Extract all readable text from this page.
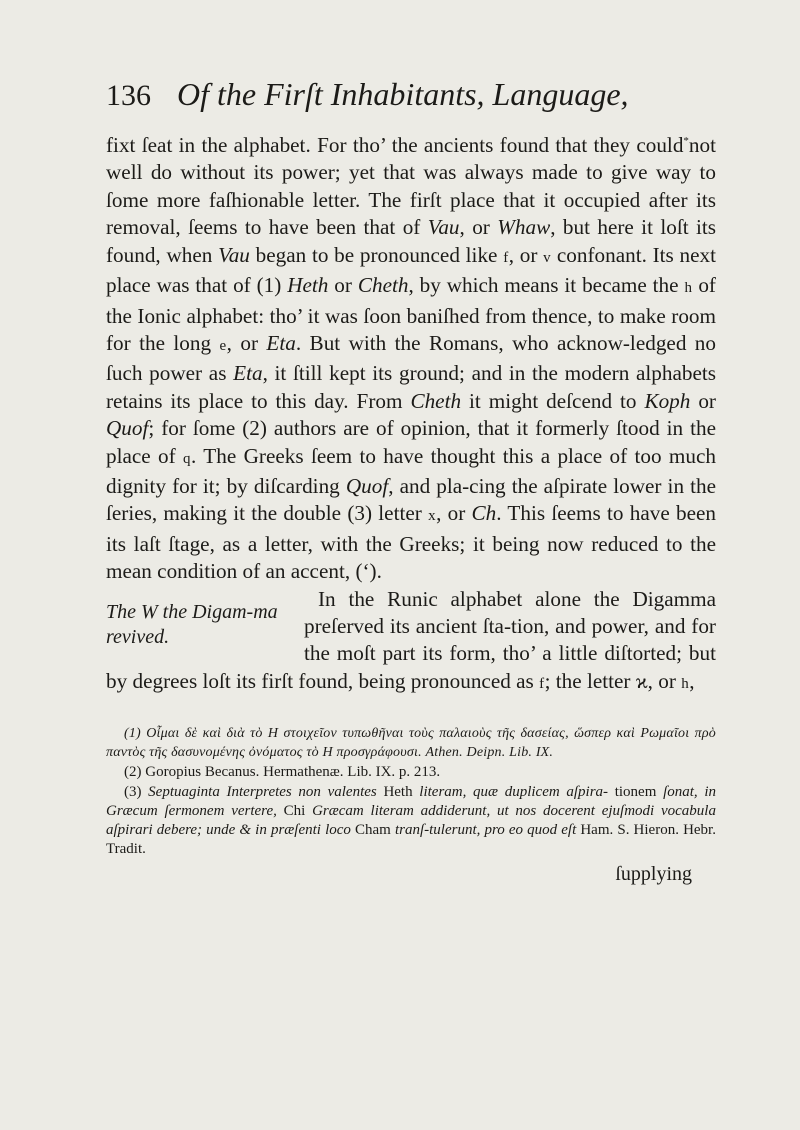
136 Of the Firſt Inhabitants, Language,

fixt ſeat in the alphabet. For tho’ the ancients found that they could*not well do without its power; yet that was always made to give way to ſome more faſhionable letter. The firſt place that it occupied after its removal, ſeems to have been that of Vau, or Whaw, but here it loſt its found, when Vau began to be pronounced like f, or v confonant. Its next place was that of (1) Heth or Cheth, by which means it became the h of the Ionic alphabet: tho’ it was ſoon baniſhed from thence, to make room for the long e, or Eta. But with the Romans, who acknow-ledged no ſuch power as Eta, it ſtill kept its ground; and in the modern alphabets retains its place to this day. From Cheth it might deſcend to Koph or Quof; for ſome (2) authors are of opinion, that it formerly ſtood in the place of q. The Greeks ſeem to have thought this a place of too much dignity for it; by diſcarding Quof, and pla-cing the aſpirate lower in the ſeries, making it the double (3) letter x, or Ch. This ſeems to have been its laſt ſtage, as a letter, with the Greeks; it being now reduced to the mean condition of an accent, (‘).

The W the Digam-ma revived.
In the Runic alphabet alone the Digamma preſerved its ancient ſta-tion, and power, and for the moſt part its form, tho’ a little diſtorted; but by degrees loſt its firſt found, being pronounced as f; the letter ϰ, or h,

(1) Οἶμαι δὲ καὶ διὰ τὸ Η στοιχεῖον τυπωθῆναι τοὺς παλαιοὺς τῆς δασείας, ὥσπερ καὶ Ρωμαῖοι πρὸ παντὸς τῆς δασυνομένης ὀνόματος τὸ Η προσγράφουσι. Athen. Deipn. Lib. IX.

(2) Goropius Becanus. Hermathenæ. Lib. IX. p. 213.

(3) Septuaginta Interpretes non valentes Heth literam, quæ duplicem aſpira- tionem ſonat, in Græcum ſermonem vertere, Chi Græcam literam addiderunt, ut nos docerent ejuſmodi vocabula aſpirari debere; unde & in præſenti loco Cham tranſ-tulerunt, pro eo quod eſt Ham. S. Hieron. Hebr. Tradit.

ſupplying
